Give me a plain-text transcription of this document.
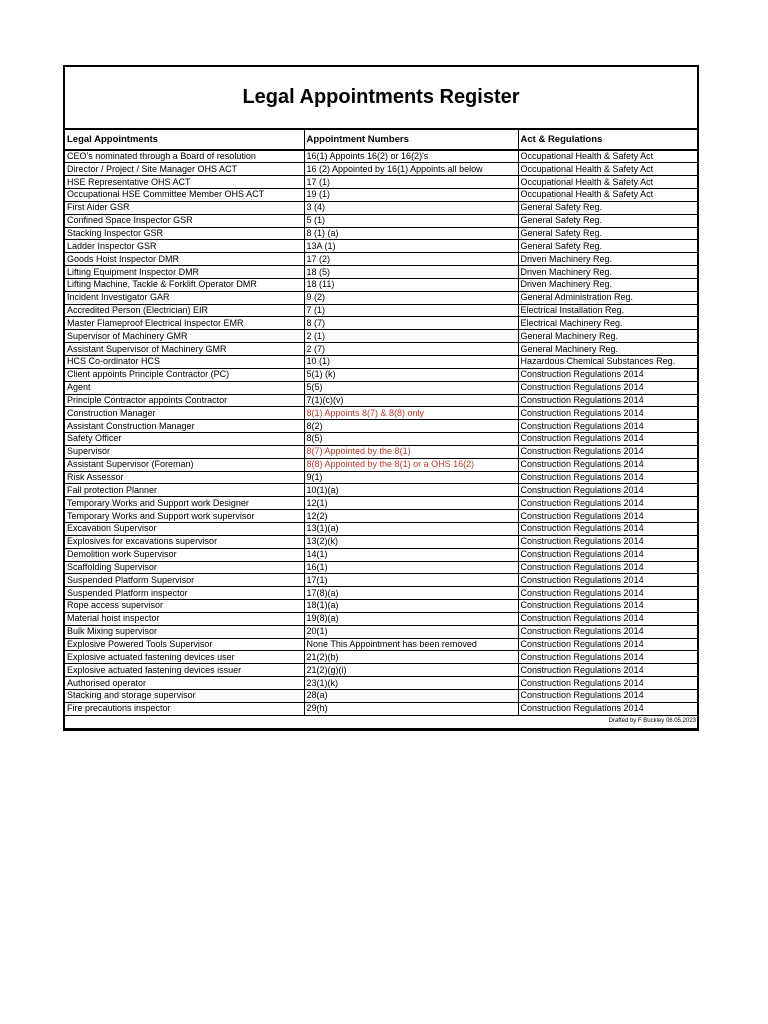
Legal Appointments Register
Legal Appointments	Appointment Numbers	Act & Regulations
CEO's nominated through a Board of resolution	16(1) Appoints 16(2) or 16(2)'s	Occupational Health & Safety Act
Director / Project / Site Manager OHS ACT	16 (2) Appointed by 16(1) Appoints all below	Occupational Health & Safety Act
HSE Representative OHS ACT	17 (1)	Occupational Health & Safety Act
Occupational HSE Committee Member OHS ACT	19 (1)	Occupational Health & Safety Act
First Aider GSR	3 (4)	General Safety Reg.
Confined Space Inspector GSR	5 (1)	General Safety Reg.
Stacking Inspector GSR	8 (1) (a)	General Safety Reg.
Ladder Inspector GSR	13A (1)	General Safety Reg.
Goods Hoist Inspector DMR	17 (2)	Driven Machinery Reg.
Lifting Equipment Inspector DMR	18 (5)	Driven Machinery Reg.
Lifting Machine, Tackle & Forklift Operator DMR	18 (11)	Driven Machinery Reg.
Incident Investigator GAR	9 (2)	General Administration Reg.
Accredited Person (Electrician) EIR	7 (1)	Electrical Installation Reg.
Master Flameproof Electrical Inspector EMR	8 (7)	Electrical Machinery Reg.
Supervisor of Machinery GMR	2 (1)	General Machinery Reg.
Assistant Supervisor of Machinery GMR	2 (7)	General Machinery Reg.
HCS Co-ordinator HCS	10 (1)	Hazardous Chemical Substances Reg.
Client appoints Principle Contractor (PC)	5(1) (k)	Construction Regulations 2014
Agent	5(5)	Construction Regulations 2014
Principle Contractor appoints Contractor	7(1)(c)(v)	Construction Regulations 2014
Construction Manager	8(1) Appoints 8(7) & 8(8) only	Construction Regulations 2014
Assistant Construction Manager	8(2)	Construction Regulations 2014
Safety Officer	8(5)	Construction Regulations 2014
Supervisor	8(7) Appointed by the 8(1)	Construction Regulations 2014
Assistant Supervisor (Foreman)	8(8) Appointed by the 8(1) or a OHS 16(2)	Construction Regulations 2014
Risk Assessor	9(1)	Construction Regulations 2014
Fall protection Planner	10(1)(a)	Construction Regulations 2014
Temporary Works and Support work Designer	12(1)	Construction Regulations 2014
Temporary Works and Support work supervisor	12(2)	Construction Regulations 2014
Excavation Supervisor	13(1)(a)	Construction Regulations 2014
Explosives for excavations supervisor	13(2)(k)	Construction Regulations 2014
Demolition work Supervisor	14(1)	Construction Regulations 2014
Scaffolding Supervisor	16(1)	Construction Regulations 2014
Suspended Platform Supervisor	17(1)	Construction Regulations 2014
Suspended Platform inspector	17(8)(a)	Construction Regulations 2014
Rope access supervisor	18(1)(a)	Construction Regulations 2014
Material hoist inspector	19(8)(a)	Construction Regulations 2014
Bulk Mixing supervisor	20(1)	Construction Regulations 2014
Explosive Powered Tools Supervisor	None This Appointment has been removed	Construction Regulations 2014
Explosive actuated fastening devices user	21(2)(b)	Construction Regulations 2014
Explosive actuated fastening devices issuer	21(2)(g)(i)	Construction Regulations 2014
Authorised operator	23(1)(k)	Construction Regulations 2014
Stacking and storage supervisor	28(a)	Construction Regulations 2014
Fire precautions inspector	29(h)	Construction Regulations 2014
Drafted by F Buckley 06.05.2023		
